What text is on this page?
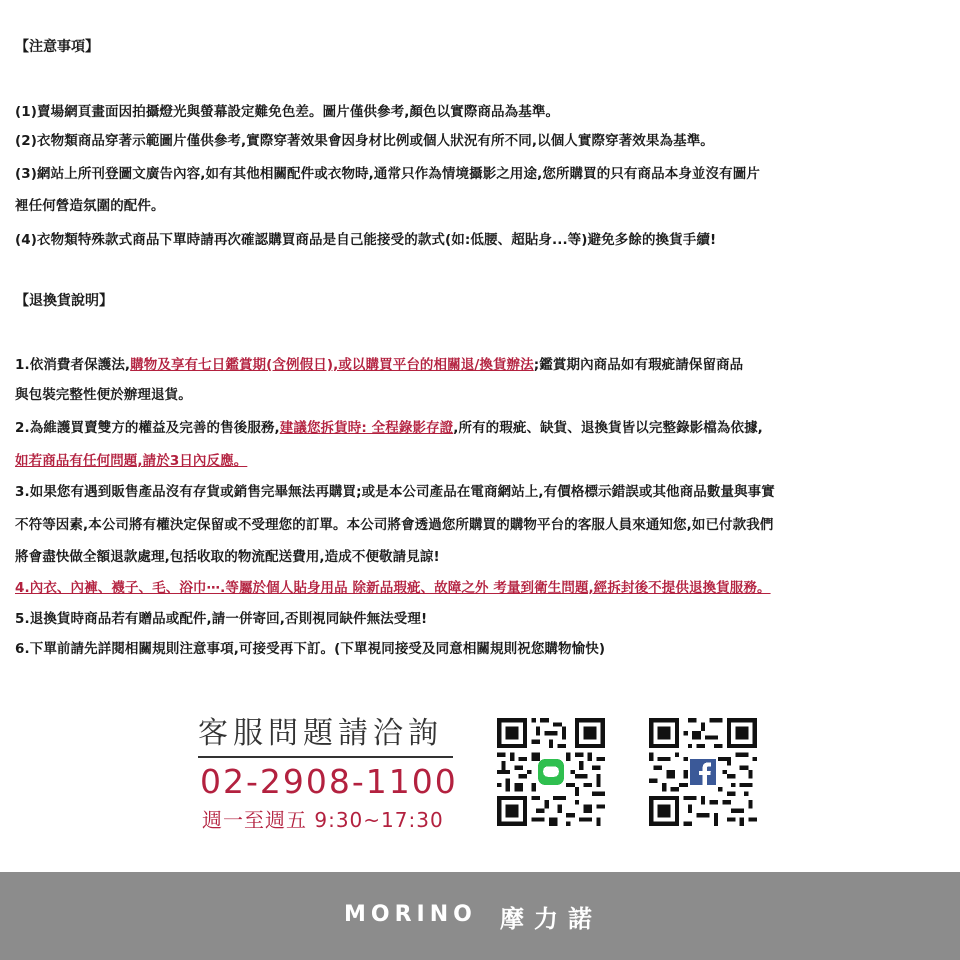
【注意事項】
(1)賣場網頁畫面因拍攝燈光與螢幕設定難免色差。圖片僅供參考,顏色以實際商品為基準。
(2)衣物類商品穿著示範圖片僅供參考,實際穿著效果會因身材比例或個人狀況有所不同,以個人實際穿著效果為基準。
(3)網站上所刊登圖文廣告內容,如有其他相關配件或衣物時,通常只作為情境攝影之用途,您所購買的只有商品本身並沒有圖片
裡任何營造氛圍的配件。
(4)衣物類特殊款式商品下單時請再次確認購買商品是自己能接受的款式(如:低腰、超貼身...等)避免多餘的換貨手續!
【退換貨說明】
1.依消費者保護法,購物及享有七日鑑賞期(含例假日),或以購買平台的相關退/換貨辦法;鑑賞期內商品如有瑕疵請保留商品
與包裝完整性便於辦理退貨。
2.為維護買賣雙方的權益及完善的售後服務,建議您拆貨時: 全程錄影存證,所有的瑕疵、缺貨、退換貨皆以完整錄影檔為依據,
如若商品有任何問題,請於3日內反應。
3.如果您有遇到販售產品沒有存貨或銷售完畢無法再購買;或是本公司產品在電商網站上,有價格標示錯誤或其他商品數量與事實
不符等因素,本公司將有權決定保留或不受理您的訂單。本公司將會透過您所購買的購物平台的客服人員來通知您,如已付款我們
將會盡快做全額退款處理,包括收取的物流配送費用,造成不便敬請見諒!
4.內衣、內褲、襪子、毛、浴巾⋯.等屬於個人貼身用品 除新品瑕疵、故障之外 考量到衛生問題,經拆封後不提供退換貨服務。
5.退換貨時商品若有贈品或配件,請一併寄回,否則視同缺件無法受理!
6.下單前請先詳閱相關規則注意事項,可接受再下訂。(下單視同接受及同意相關規則祝您購物愉快)
客服問題請洽詢
02-2908-1100
週一至週五 9:30~17:30
MORINO 摩力諾
